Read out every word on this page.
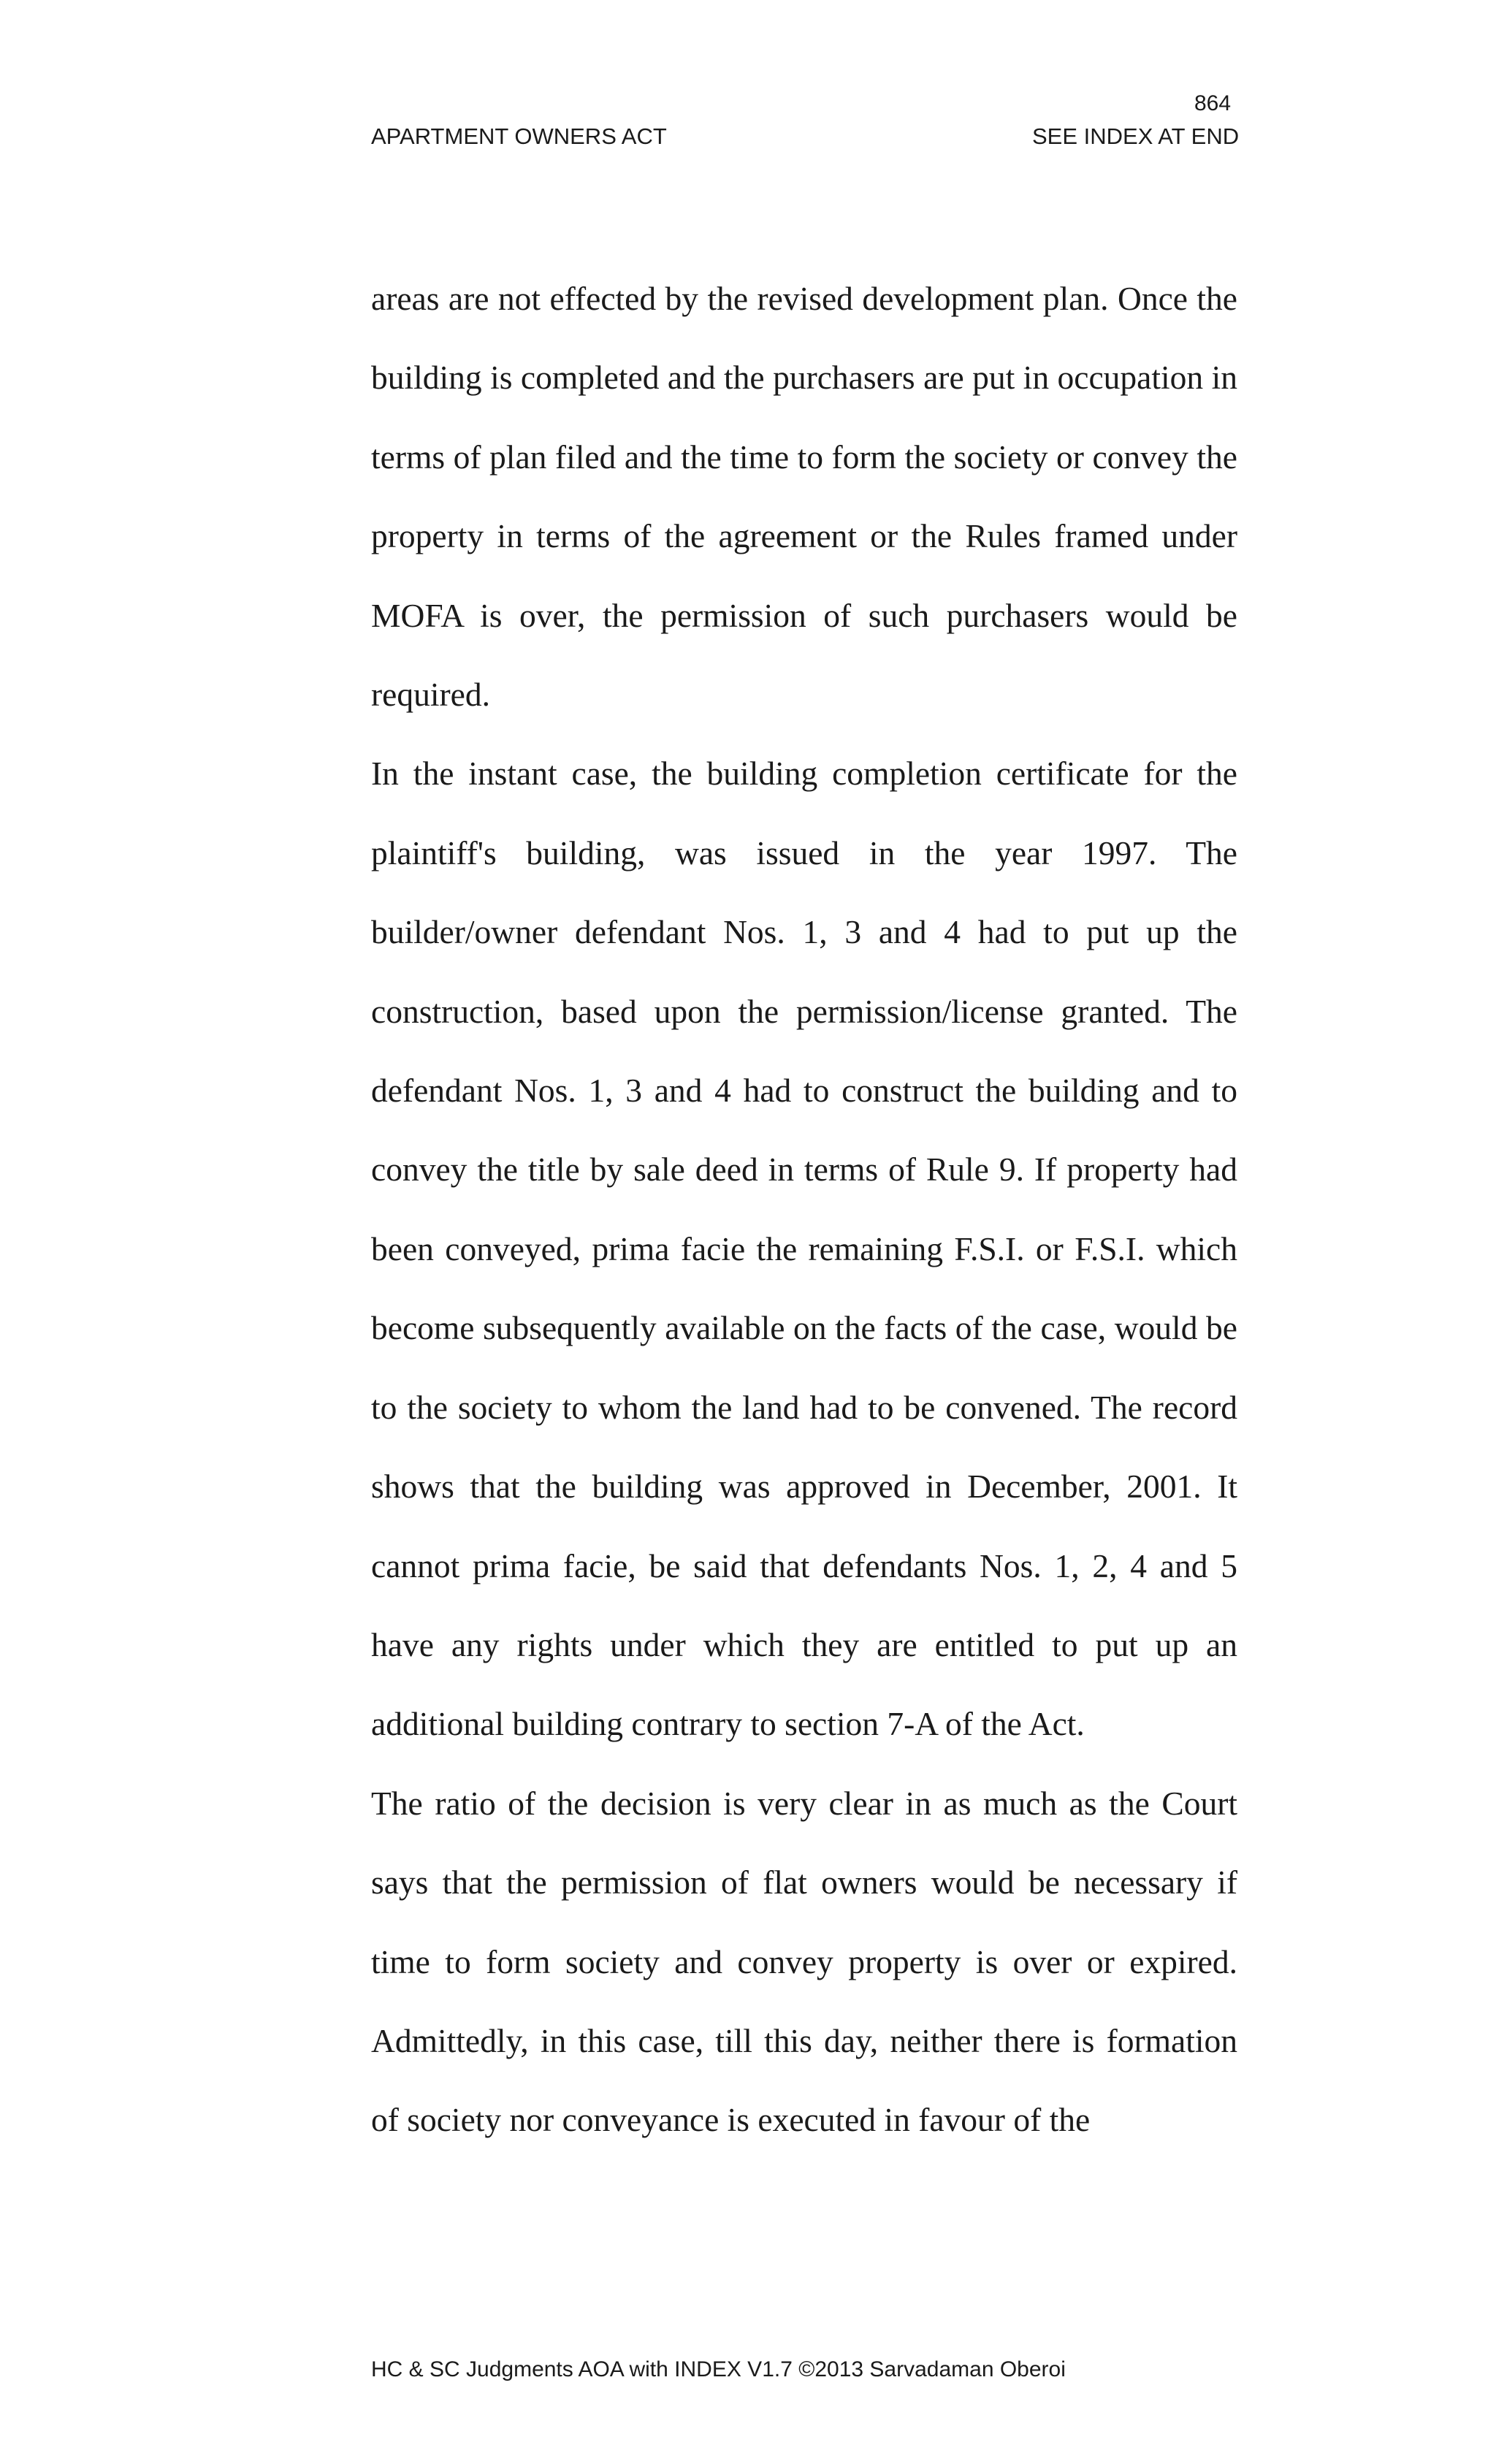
864
APARTMENT OWNERS ACT	SEE INDEX AT END

areas are not effected by the revised development plan. Once the building is completed and the purchasers are put in occupation in terms of plan filed and the time to form the society or convey the property in terms of the agreement or the Rules framed under MOFA is over, the permission of such purchasers would be required.

In the instant case, the building completion certificate for the plaintiff's building, was issued in the year 1997. The builder/owner defendant Nos. 1, 3 and 4 had to put up the construction, based upon the permission/license granted. The defendant Nos. 1, 3 and 4 had to construct the building and to convey the title by sale deed in terms of Rule 9. If property had been conveyed, prima facie the remaining F.S.I. or F.S.I. which become subsequently available on the facts of the case, would be to the society to whom the land had to be convened. The record shows that the building was approved in December, 2001. It cannot prima facie, be said that defendants Nos. 1, 2, 4 and 5 have any rights under which they are entitled to put up an additional building contrary to section 7-A of the Act.

The ratio of the decision is very clear in as much as the Court says that the permission of flat owners would be necessary if time to form society and convey property is over or expired. Admittedly, in this case, till this day, neither there is formation of society nor conveyance is executed in favour of the

HC & SC Judgments AOA with INDEX V1.7 ©2013 Sarvadaman Oberoi
